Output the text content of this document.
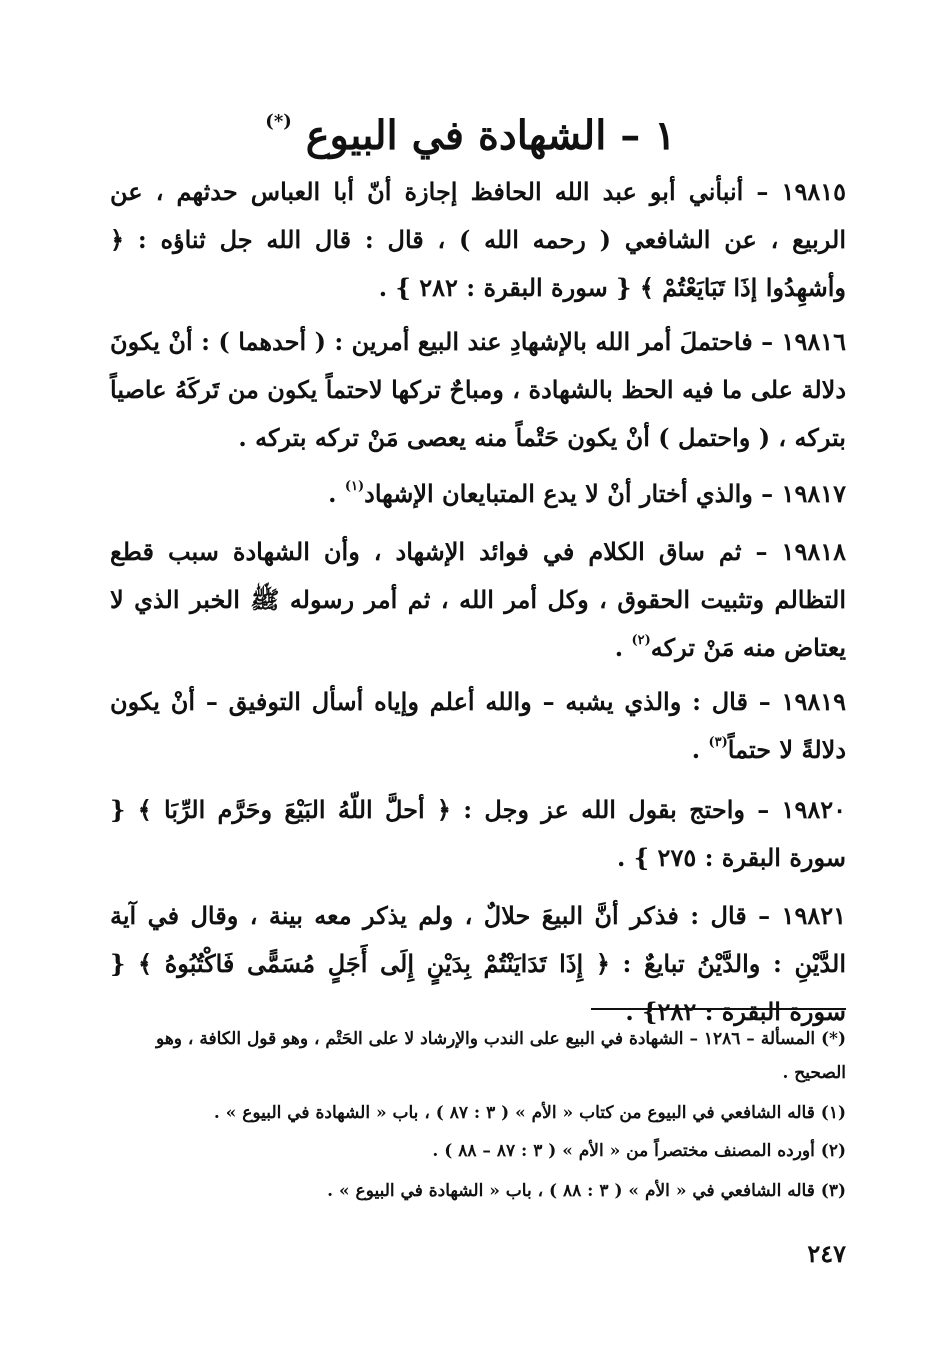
١ – الشهادة في البيوع (*)

١٩٨١٥ – أنبأني أبو عبد الله الحافظ إجازة أنّ أبا العباس حدثهم ، عن الربيع ، عن الشافعي ( رحمه الله ) ، قال : قال الله جل ثناؤه : ﴿ وأشهِدُوا إذَا تَبَايَعْتُمْ ﴾ { سورة البقرة : ٢٨٢ } .

١٩٨١٦ – فاحتملَ أمر الله بالإشهادِ عند البيع أمرين : ( أحدهما ) : أنْ يكونَ دلالة على ما فيه الحظ بالشهادة ، ومباحٌ تركها لاحتماً يكون من تَركَهُ عاصياً بتركه ، ( واحتمل ) أنْ يكون حَتْماً منه يعصى مَنْ تركه بتركه .

١٩٨١٧ – والذي أختار أنْ لا يدع المتبايعان الإشهاد$^{(١)}$ .

١٩٨١٨ – ثم ساق الكلام في فوائد الإشهاد ، وأن الشهادة سبب قطع التظالم وتثبيت الحقوق ، وكل أمر الله ، ثم أمر رسوله ﷺ الخبر الذي لا يعتاض منه مَنْ تركه$^{(٢)}$ .

١٩٨١٩ – قال : والذي يشبه – والله أعلم وإياه أسأل التوفيق – أنْ يكون دلالةً لا حتماً$^{(٣)}$ .

١٩٨٢٠ – واحتج بقول الله عز وجل : ﴿ أحلَّ اللّهُ البَيْعَ وحَرَّم الرِّبَا ﴾ { سورة البقرة : ٢٧٥ } .

١٩٨٢١ – قال : فذكر أنَّ البيعَ حلالٌ ، ولم يذكر معه بينة ، وقال في آية الدَّيْنِ : والدَّيْنُ تبايعٌ : ﴿ إِذَا تَدَايَنْتُمْ بِدَيْنٍ إِلَى أَجَلٍ مُسَمًّى فَاكْتُبُوهُ ﴾ { سورة البقرة : ٢٨٢} .

(*) المسألة – ١٢٨٦ – الشهادة في البيع على الندب والإرشاد لا على الحَتْم ، وهو قول الكافة ، وهو الصحيح .

(١) قاله الشافعي في البيوع من كتاب « الأم » ( ٣ : ٨٧ ) ، باب « الشهادة في البيوع » .

(٢) أورده المصنف مختصراً من « الأم » ( ٣ : ٨٧ – ٨٨ ) .

(٣) قاله الشافعي في « الأم » ( ٣ : ٨٨ ) ، باب « الشهادة في البيوع » .

٢٤٧
